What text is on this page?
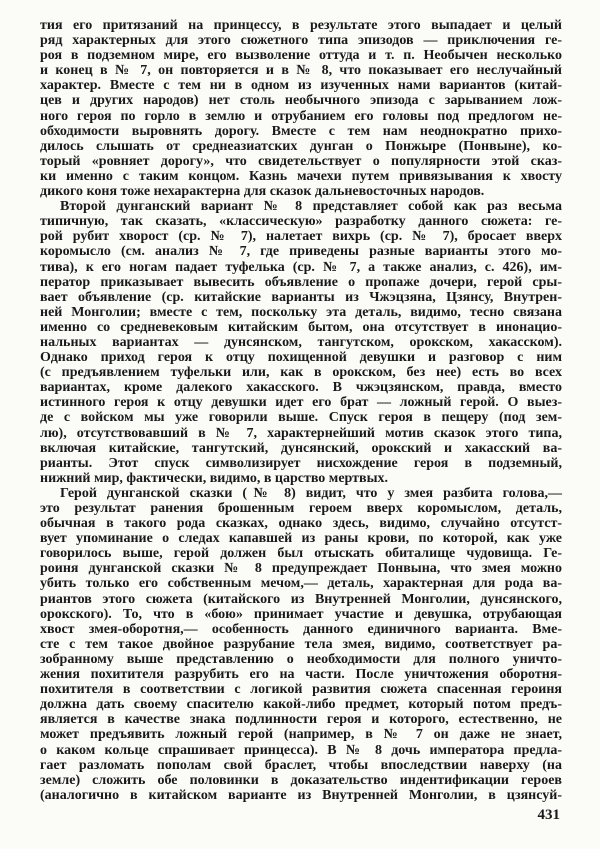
тия его притязаний на принцессу, в результате этого выпадает и целый
ряд характерных для этого сюжетного типа эпизодов — приключения ге-
роя в подземном мире, его вызволение оттуда и т. п. Необычен несколько
и конец в № 7, он повторяется и в № 8, что показывает его неслучайный
характер. Вместе с тем ни в одном из изученных нами вариантов (китай-
цев и других народов) нет столь необычного эпизода с зарыванием лож-
ного героя по горло в землю и отрубанием его головы под предлогом не-
обходимости выровнять дорогу. Вместе с тем нам неоднократно прихо-
дилось слышать от среднеазиатских дунган о Понжыре (Понвыне), ко-
торый «ровняет дорогу», что свидетельствует о популярности этой сказ-
ки именно с таким концом. Казнь мачехи путем привязывания к хвосту
дикого коня тоже нехарактерна для сказок дальневосточных народов.
Второй дунганский вариант № 8 представляет собой как раз весьма
типичную, так сказать, «классическую» разработку данного сюжета: ге-
рой рубит хворост (ср. № 7), налетает вихрь (ср. № 7), бросает вверх
коромысло (см. анализ № 7, где приведены разные варианты этого мо-
тива), к его ногам падает туфелька (ср. № 7, а также анализ, с. 426), им-
ператор приказывает вывесить объявление о пропаже дочери, герой сры-
вает объявление (ср. китайские варианты из Чжэцзяна, Цзянсу, Внутрен-
ней Монголии; вместе с тем, поскольку эта деталь, видимо, тесно связана
именно со средневековым китайским бытом, она отсутствует в инонацио-
нальных вариантах — дунсянском, тангутском, орокском, хакасском).
Однако приход героя к отцу похищенной девушки и разговор с ним
(с предъявлением туфельки или, как в орокском, без нее) есть во всех
вариантах, кроме далекого хакасского. В чжэцзянском, правда, вместо
истинного героя к отцу девушки идет его брат — ложный герой. О выез-
де с войском мы уже говорили выше. Спуск героя в пещеру (под зем-
лю), отсутствовавший в № 7, характернейший мотив сказок этого типа,
включая китайские, тангутский, дунсянский, орокский и хакасский ва-
рианты. Этот спуск символизирует нисхождение героя в подземный,
нижний мир, фактически, видимо, в царство мертвых.
Герой дунганской сказки (№ 8) видит, что у змея разбита голова,—
это результат ранения брошенным героем вверх коромыслом, деталь,
обычная в такого рода сказках, однако здесь, видимо, случайно отсутст-
вует упоминание о следах капавшей из раны крови, по которой, как уже
говорилось выше, герой должен был отыскать обиталище чудовища. Ге-
роиня дунганской сказки № 8 предупреждает Понвына, что змея можно
убить только его собственным мечом,— деталь, характерная для рода ва-
риантов этого сюжета (китайского из Внутренней Монголии, дунсянского,
орокского). То, что в «бою» принимает участие и девушка, отрубающая
хвост змея-оборотня,— особенность данного единичного варианта. Вме-
сте с тем такое двойное разрубание тела змея, видимо, соответствует ра-
зобранному выше представлению о необходимости для полного уничто-
жения похитителя разрубить его на части. После уничтожения оборотня-
похитителя в соответствии с логикой развития сюжета спасенная героиня
должна дать своему спасителю какой-либо предмет, который потом предъ-
является в качестве знака подлинности героя и которого, естественно, не
может предъявить ложный герой (например, в № 7 он даже не знает,
о каком кольце спрашивает принцесса). В № 8 дочь императора предла-
гает разломать пополам свой браслет, чтобы впоследствии наверху (на
земле) сложить обе половинки в доказательство индентификации героев
(аналогично в китайском варианте из Внутренней Монголии, в цзянсуй-
431
